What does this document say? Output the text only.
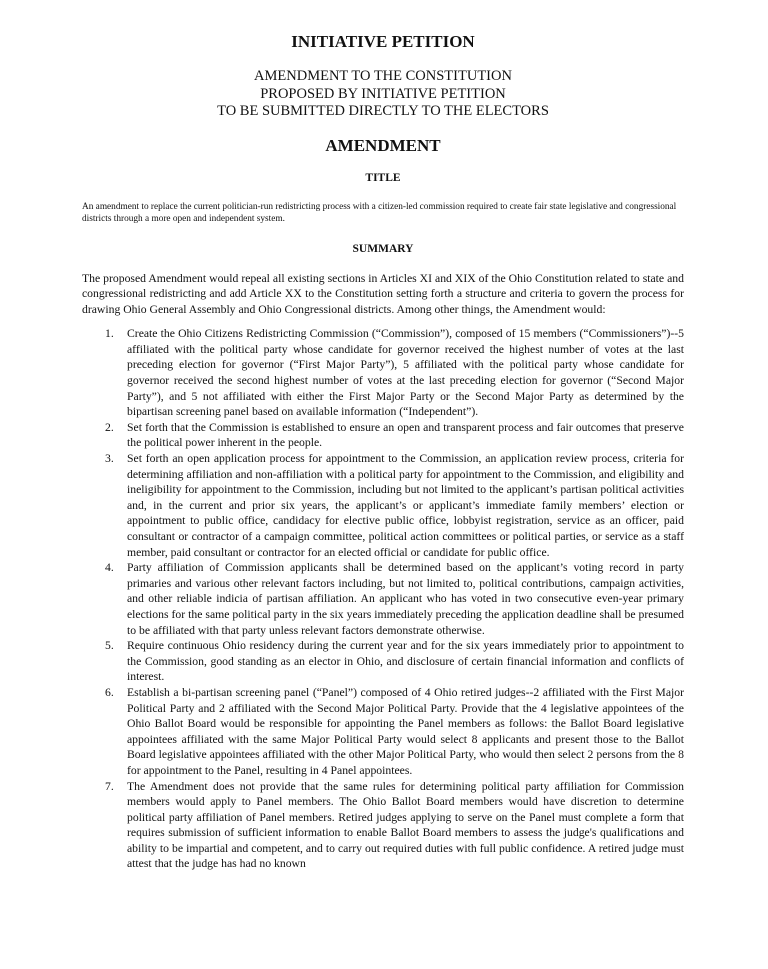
INITIATIVE PETITION
AMENDMENT TO THE CONSTITUTION
PROPOSED BY INITIATIVE PETITION
TO BE SUBMITTED DIRECTLY TO THE ELECTORS
AMENDMENT
TITLE

An amendment to replace the current politician-run redistricting process with a citizen-led commission required to create fair state legislative and congressional districts through a more open and independent system.

SUMMARY

The proposed Amendment would repeal all existing sections in Articles XI and XIX of the Ohio Constitution related to state and congressional redistricting and add Article XX to the Constitution setting forth a structure and criteria to govern the process for drawing Ohio General Assembly and Ohio Congressional districts. Among other things, the Amendment would:

1. Create the Ohio Citizens Redistricting Commission (“Commission”), composed of 15 members (“Commissioners”)--5 affiliated with the political party whose candidate for governor received the highest number of votes at the last preceding election for governor (“First Major Party”), 5 affiliated with the political party whose candidate for governor received the second highest number of votes at the last preceding election for governor (“Second Major Party”), and 5 not affiliated with either the First Major Party or the Second Major Party as determined by the bipartisan screening panel based on available information (“Independent”).
2. Set forth that the Commission is established to ensure an open and transparent process and fair outcomes that preserve the political power inherent in the people.
3. Set forth an open application process for appointment to the Commission, an application review process, criteria for determining affiliation and non-affiliation with a political party for appointment to the Commission, and eligibility and ineligibility for appointment to the Commission, including but not limited to the applicant’s partisan political activities and, in the current and prior six years, the applicant’s or applicant’s immediate family members’ election or appointment to public office, candidacy for elective public office, lobbyist registration, service as an officer, paid consultant or contractor of a campaign committee, political action committees or political parties, or service as a staff member, paid consultant or contractor for an elected official or candidate for public office.
4. Party affiliation of Commission applicants shall be determined based on the applicant’s voting record in party primaries and various other relevant factors including, but not limited to, political contributions, campaign activities, and other reliable indicia of partisan affiliation. An applicant who has voted in two consecutive even-year primary elections for the same political party in the six years immediately preceding the application deadline shall be presumed to be affiliated with that party unless relevant factors demonstrate otherwise.
5. Require continuous Ohio residency during the current year and for the six years immediately prior to appointment to the Commission, good standing as an elector in Ohio, and disclosure of certain financial information and conflicts of interest.
6. Establish a bi-partisan screening panel (“Panel”) composed of 4 Ohio retired judges--2 affiliated with the First Major Political Party and 2 affiliated with the Second Major Political Party. Provide that the 4 legislative appointees of the Ohio Ballot Board would be responsible for appointing the Panel members as follows: the Ballot Board legislative appointees affiliated with the same Major Political Party would select 8 applicants and present those to the Ballot Board legislative appointees affiliated with the other Major Political Party, who would then select 2 persons from the 8 for appointment to the Panel, resulting in 4 Panel appointees.
7. The Amendment does not provide that the same rules for determining political party affiliation for Commission members would apply to Panel members. The Ohio Ballot Board members would have discretion to determine political party affiliation of Panel members. Retired judges applying to serve on the Panel must complete a form that requires submission of sufficient information to enable Ballot Board members to assess the judge's qualifications and ability to be impartial and competent, and to carry out required duties with full public confidence. A retired judge must attest that the judge has had no known
